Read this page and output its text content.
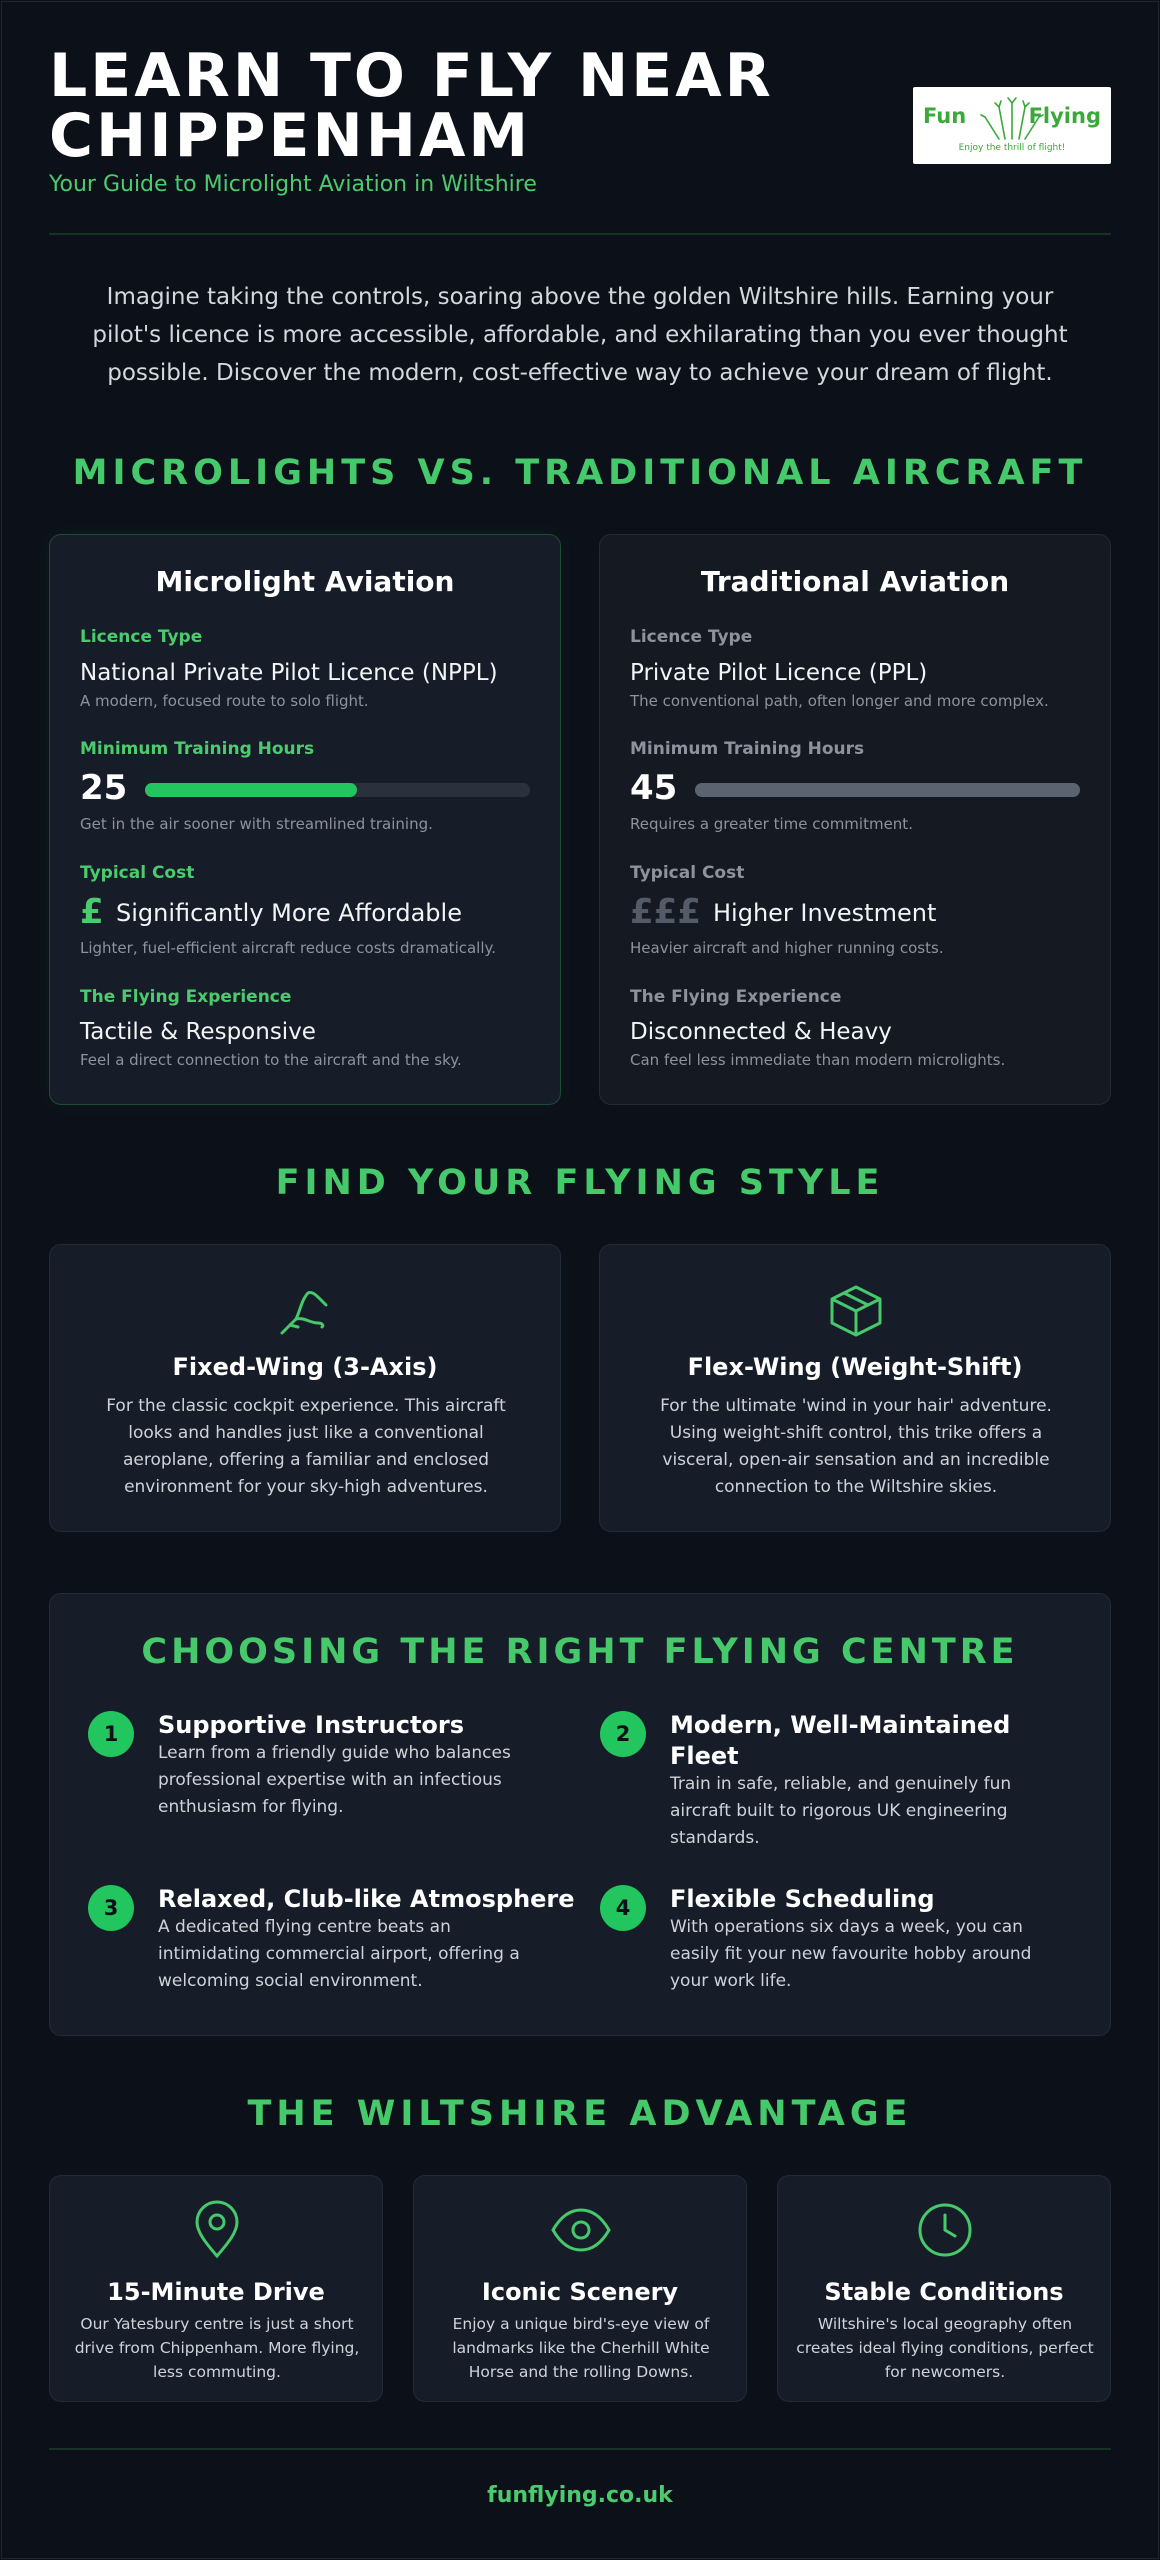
LEARN TO FLY NEAR CHIPPENHAM
Your Guide to Microlight Aviation in Wiltshire
Fun	Flying
Enjoy the thrill of flight!

Imagine taking the controls, soaring above the golden Wiltshire hills. Earning your pilot's licence is more accessible, affordable, and exhilarating than you ever thought possible. Discover the modern, cost-effective way to achieve your dream of flight.

MICROLIGHTS VS. TRADITIONAL AIRCRAFT
Microlight Aviation
Licence Type
National Private Pilot Licence (NPPL)
A modern, focused route to solo flight.
Minimum Training Hours
25
Get in the air sooner with streamlined training.
Typical Cost
£ Significantly More Affordable
Lighter, fuel-efficient aircraft reduce costs dramatically.
The Flying Experience
Tactile & Responsive
Feel a direct connection to the aircraft and the sky.
Traditional Aviation
Licence Type
Private Pilot Licence (PPL)
The conventional path, often longer and more complex.
Minimum Training Hours
45
Requires a greater time commitment.
Typical Cost
£££ Higher Investment
Heavier aircraft and higher running costs.
The Flying Experience
Disconnected & Heavy
Can feel less immediate than modern microlights.
FIND YOUR FLYING STYLE
Fixed-Wing (3-Axis)
For the classic cockpit experience. This aircraft looks and handles just like a conventional aeroplane, offering a familiar and enclosed environment for your sky-high adventures.
Flex-Wing (Weight-Shift)
For the ultimate 'wind in your hair' adventure. Using weight-shift control, this trike offers a visceral, open-air sensation and an incredible connection to the Wiltshire skies.
CHOOSING THE RIGHT FLYING CENTRE
1	Supportive Instructors
Learn from a friendly guide who balances professional expertise with an infectious enthusiasm for flying.
2	Modern, Well-Maintained Fleet
Train in safe, reliable, and genuinely fun aircraft built to rigorous UK engineering standards.
3	Relaxed, Club-like Atmosphere
A dedicated flying centre beats an intimidating commercial airport, offering a welcoming social environment.
4	Flexible Scheduling
With operations six days a week, you can easily fit your new favourite hobby around your work life.
THE WILTSHIRE ADVANTAGE
15-Minute Drive
Our Yatesbury centre is just a short drive from Chippenham. More flying, less commuting.
Iconic Scenery
Enjoy a unique bird's-eye view of landmarks like the Cherhill White Horse and the rolling Downs.
Stable Conditions
Wiltshire's local geography often creates ideal flying conditions, perfect for newcomers.
funflying.co.uk
